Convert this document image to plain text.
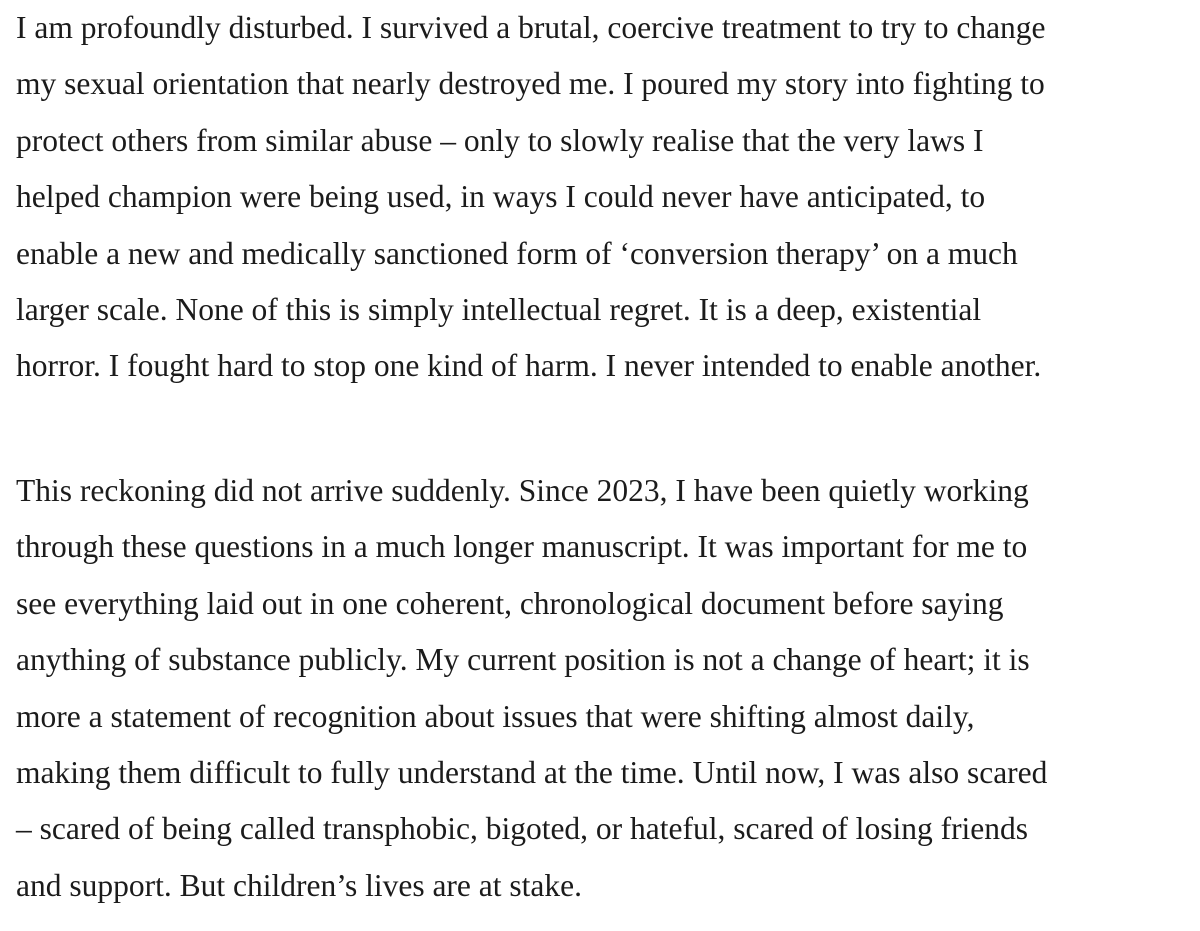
I am profoundly disturbed. I survived a brutal, coercive treatment to try to change
my sexual orientation that nearly destroyed me. I poured my story into fighting to
protect others from similar abuse – only to slowly realise that the very laws I
helped champion were being used, in ways I could never have anticipated, to
enable a new and medically sanctioned form of ‘conversion therapy’ on a much
larger scale. None of this is simply intellectual regret. It is a deep, existential
horror. I fought hard to stop one kind of harm. I never intended to enable another.

This reckoning did not arrive suddenly. Since 2023, I have been quietly working
through these questions in a much longer manuscript. It was important for me to
see everything laid out in one coherent, chronological document before saying
anything of substance publicly. My current position is not a change of heart; it is
more a statement of recognition about issues that were shifting almost daily,
making them difficult to fully understand at the time. Until now, I was also scared
– scared of being called transphobic, bigoted, or hateful, scared of losing friends
and support. But children’s lives are at stake.
